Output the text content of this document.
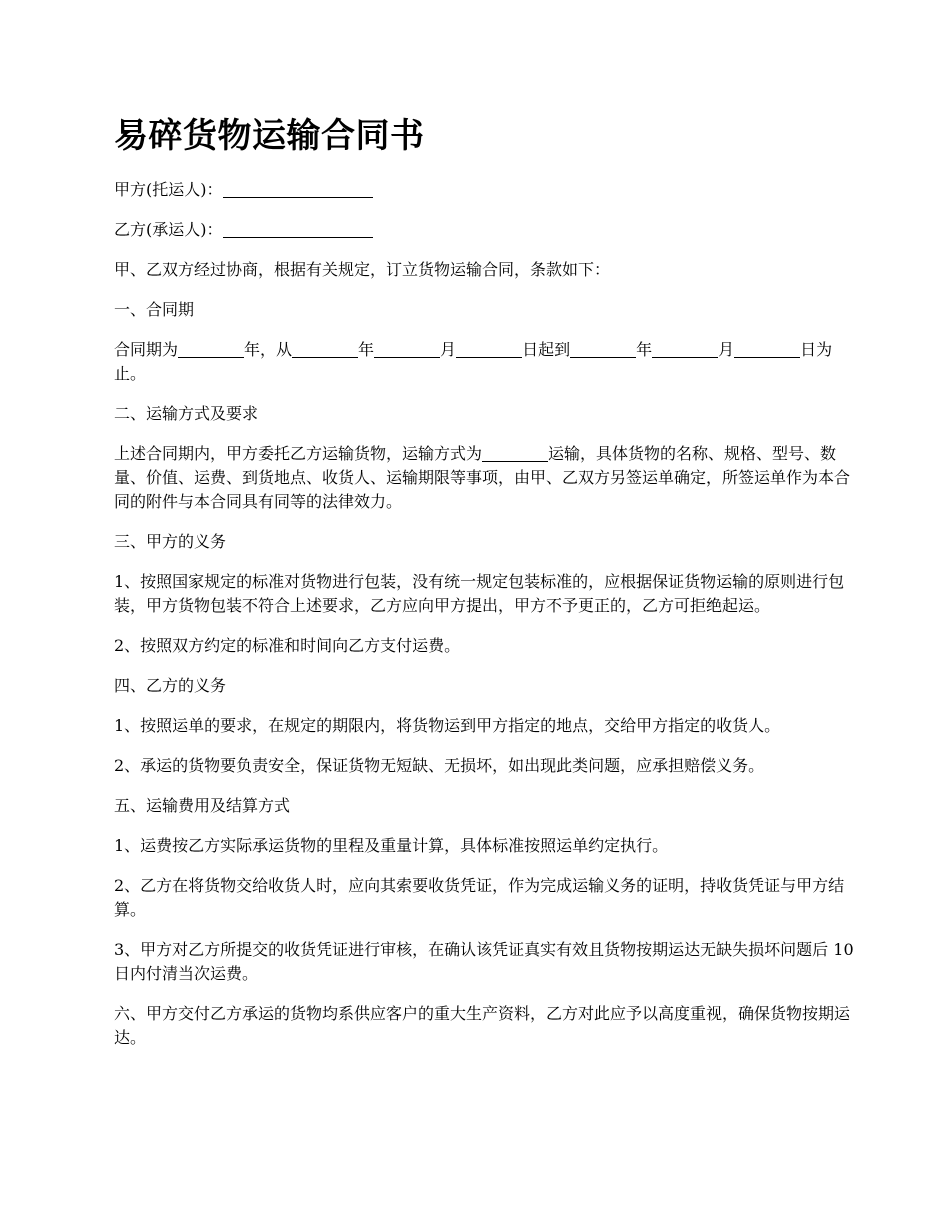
易碎货物运输合同书

甲方(托运人)：

乙方(承运人)：

甲、乙双方经过协商，根据有关规定，订立货物运输合同，条款如下：

一、合同期

合同期为	年，从	年	月	日起到	年	月	日为止。

二、运输方式及要求

上述合同期内，甲方委托乙方运输货物，运输方式为	运输，具体货物的名称、规格、型号、数量、价值、运费、到货地点、收货人、运输期限等事项，由甲、乙双方另签运单确定，所签运单作为本合同的附件与本合同具有同等的法律效力。

三、甲方的义务

1、按照国家规定的标准对货物进行包装，没有统一规定包装标准的，应根据保证货物运输的原则进行包装，甲方货物包装不符合上述要求，乙方应向甲方提出，甲方不予更正的，乙方可拒绝起运。

2、按照双方约定的标准和时间向乙方支付运费。

四、乙方的义务

1、按照运单的要求，在规定的期限内，将货物运到甲方指定的地点，交给甲方指定的收货人。

2、承运的货物要负责安全，保证货物无短缺、无损坏，如出现此类问题，应承担赔偿义务。

五、运输费用及结算方式

1、运费按乙方实际承运货物的里程及重量计算，具体标准按照运单约定执行。

2、乙方在将货物交给收货人时，应向其索要收货凭证，作为完成运输义务的证明，持收货凭证与甲方结算。

3、甲方对乙方所提交的收货凭证进行审核，在确认该凭证真实有效且货物按期运达无缺失损坏问题后 10 日内付清当次运费。

六、甲方交付乙方承运的货物均系供应客户的重大生产资料，乙方对此应予以高度重视，确保货物按期运达。
